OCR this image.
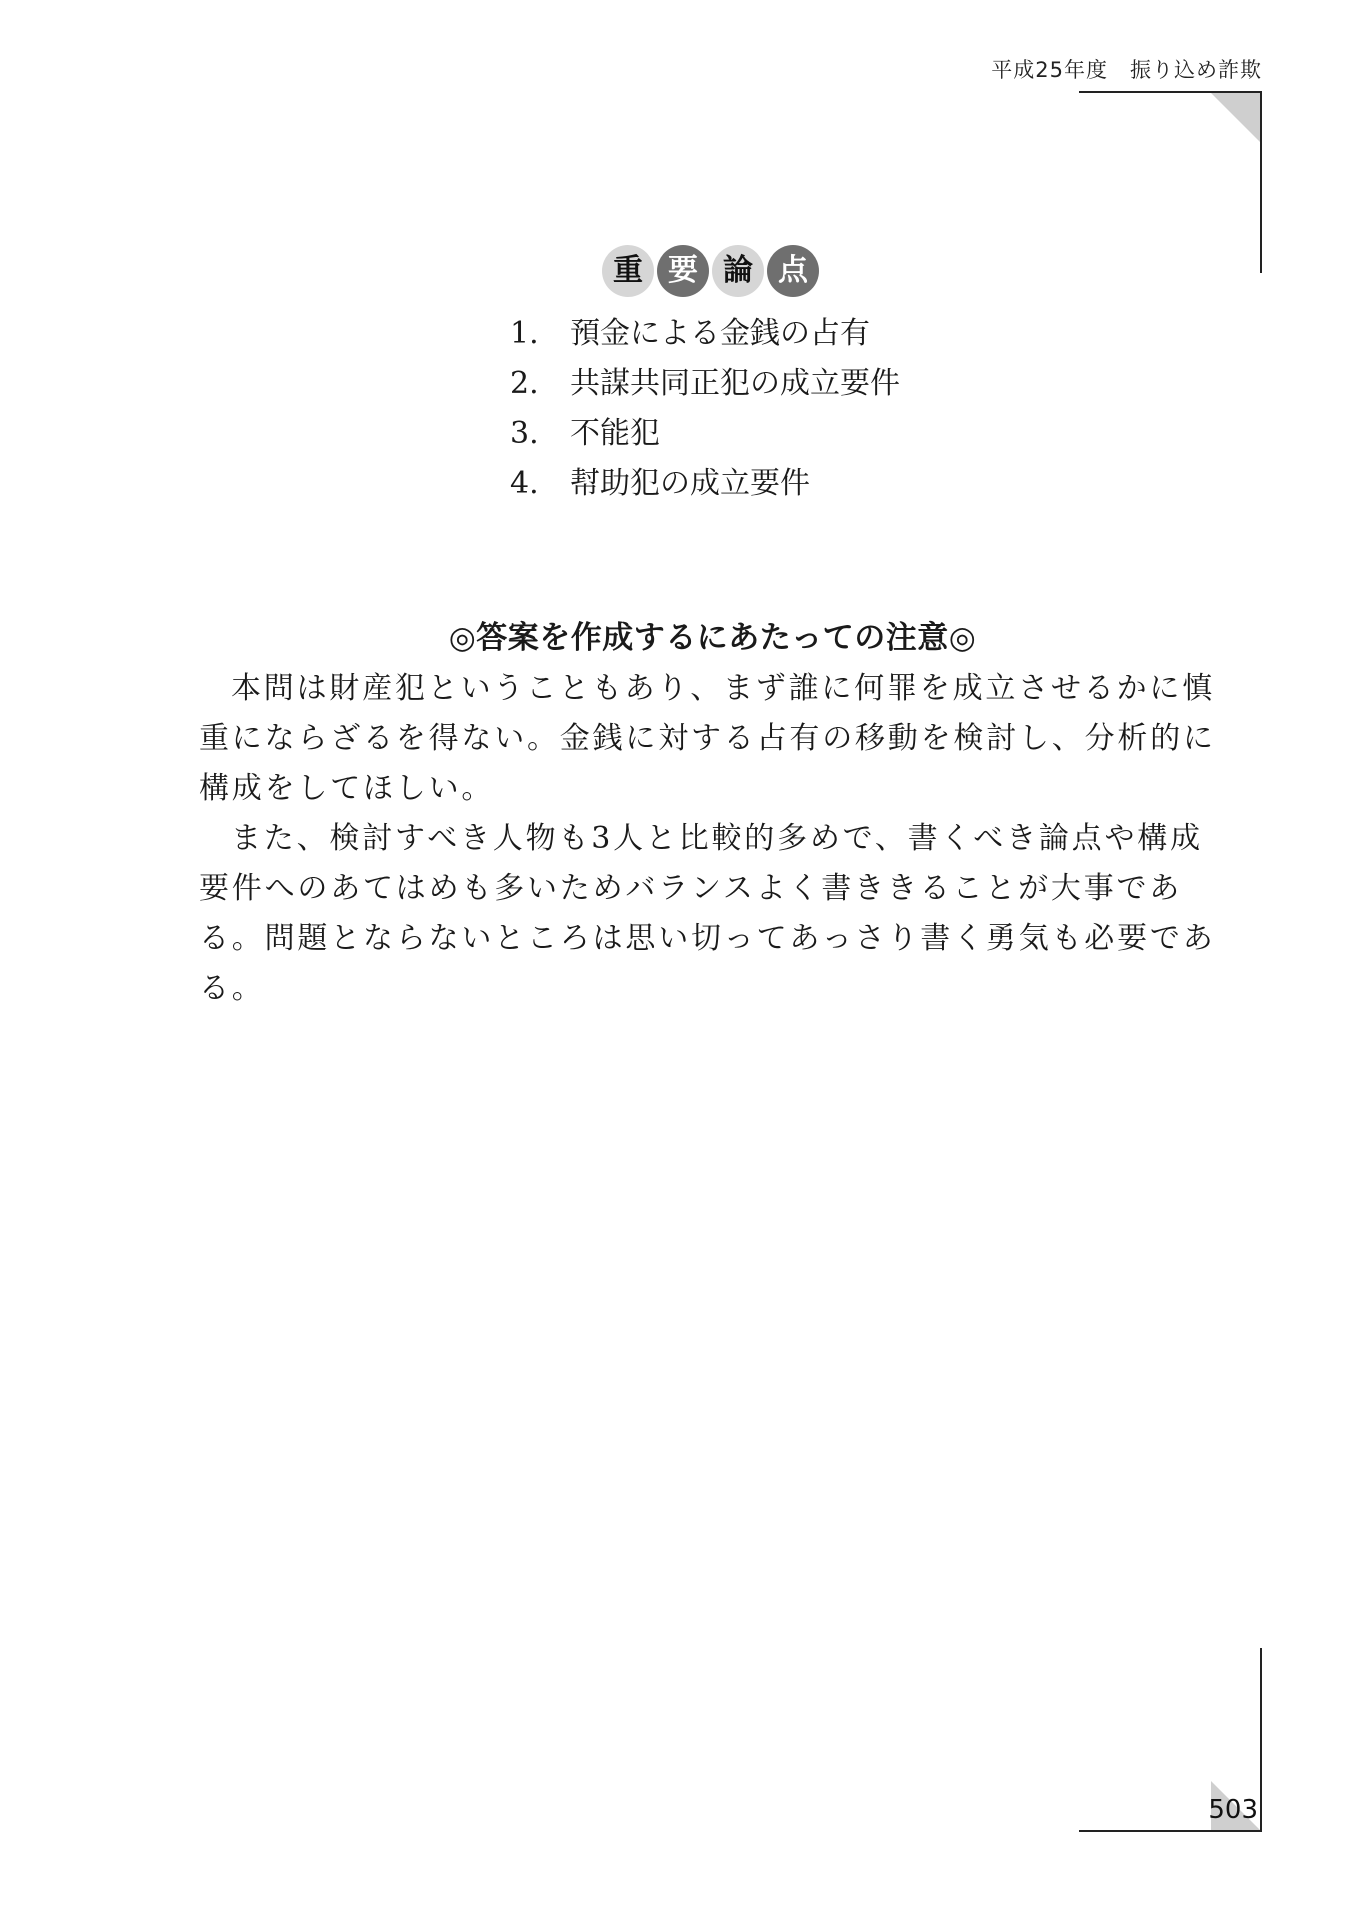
平成25年度 振り込め詐欺
重 要 論 点
1.	預金による金銭の占有
2.	共謀共同正犯の成立要件
3.	不能犯
4.	幇助犯の成立要件
◎答案を作成するにあたっての注意◎

本問は財産犯ということもあり、まず誰に何罪を成立させるかに慎重にならざるを得ない。金銭に対する占有の移動を検討し、分析的に構成をしてほしい。

また、検討すべき人物も3人と比較的多めで、書くべき論点や構成要件へのあてはめも多いためバランスよく書ききることが大事である。問題とならないところは思い切ってあっさり書く勇気も必要である。

503
